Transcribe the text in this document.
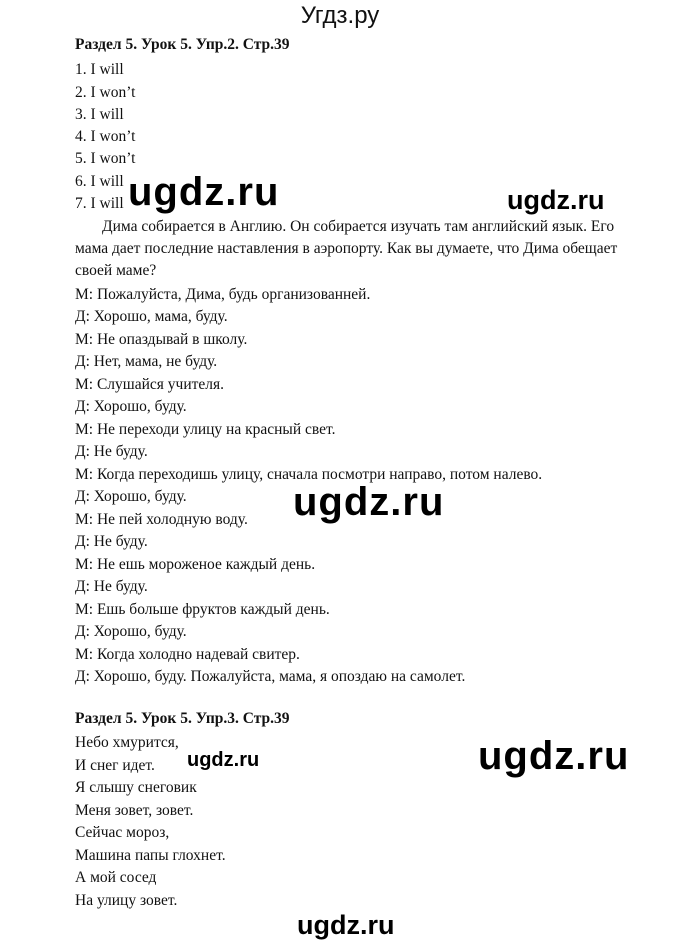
Угдз.ру
Раздел 5. Урок 5. Упр.2. Стр.39
1. I will
2. I won’t
3. I will
4. I won’t
5. I won’t
6. I will
7. I will
Дима собирается в Англию. Он собирается изучать там английский язык. Его мама дает последние наставления в аэропорту. Как вы думаете, что Дима обещает своей маме?
М: Пожалуйста, Дима, будь организованней.
Д: Хорошо, мама, буду.
М: Не опаздывай в школу.
Д: Нет, мама, не буду.
М: Слушайся учителя.
Д: Хорошо, буду.
М: Не переходи улицу на красный свет.
Д: Не буду.
М: Когда переходишь улицу, сначала посмотри направо, потом налево.
Д: Хорошо, буду.
М: Не пей холодную воду.
Д: Не буду.
М: Не ешь мороженое каждый день.
Д: Не буду.
М: Ешь больше фруктов каждый день.
Д: Хорошо, буду.
М: Когда холодно надевай свитер.
Д: Хорошо, буду. Пожалуйста, мама, я опоздаю на самолет.
Раздел 5. Урок 5. Упр.3. Стр.39
Небо хмурится,
И снег идет.
Я слышу снеговик
Меня зовет, зовет.
Сейчас мороз,
Машина папы глохнет.
А мой сосед
На улицу зовет.
ugdz.ru	ugdz.ru
ugdz.ru
ugdz.ru	ugdz.ru
ugdz.ru
